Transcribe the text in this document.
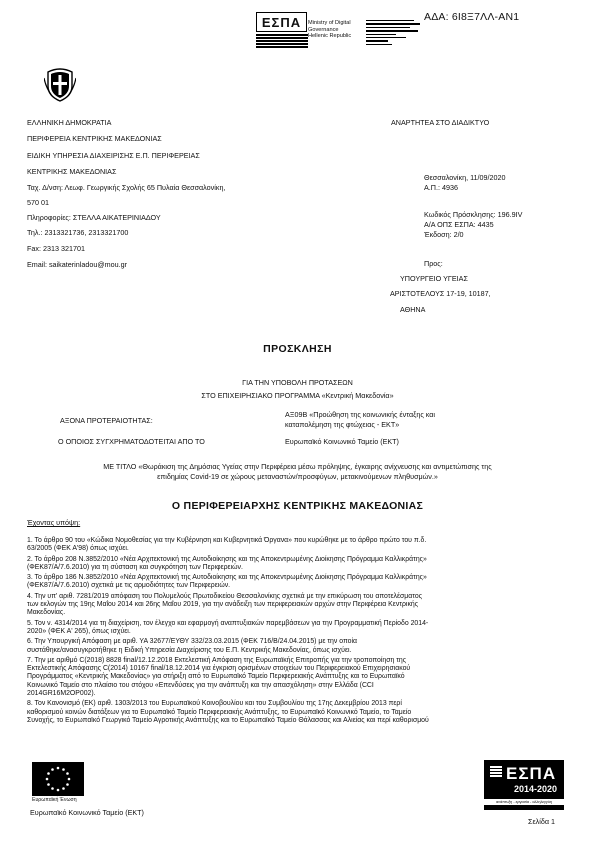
ΕΣΠΑ	Ministry of Digital
Governance
Hellenic Republic
ΑΔΑ: 6Ι8Ξ7ΛΛ-ΑΝ1
ΕΛΛΗΝΙΚΗ ΔΗΜΟΚΡΑΤΙΑ
ΠΕΡΙΦΕΡΕΙΑ ΚΕΝΤΡΙΚΗΣ ΜΑΚΕΔΟΝΙΑΣ
ΕΙΔΙΚΗ ΥΠΗΡΕΣΙΑ ΔΙΑΧΕΙΡΙΣΗΣ Ε.Π. ΠΕΡΙΦΕΡΕΙΑΣ
ΚΕΝΤΡΙΚΗΣ ΜΑΚΕΔΟΝΙΑΣ
Ταχ. Δ/νση: Λεωφ. Γεωργικής Σχολής 65 Πυλαία Θεσσαλονίκη,
570 01
Πληροφορίες: ΣΤΕΛΛΑ ΑΙΚΑΤΕΡΙΝΙΑΔΟΥ
Τηλ.: 2313321736, 2313321700
Fax: 2313 321701
Email: saikaterinladou@mou.gr
ΑΝΑΡΤΗΤΕΑ ΣΤΟ ΔΙΑΔΙΚΤΥΟ
Θεσσαλονίκη, 11/09/2020
Α.Π.: 4936
Κωδικός Πρόσκλησης: 196.9ΙV
Α/Α ΟΠΣ ΕΣΠΑ: 4435
Έκδοση: 2/0
Προς:
ΥΠΟΥΡΓΕΙΟ ΥΓΕΙΑΣ
ΑΡΙΣΤΟΤΕΛΟΥΣ 17-19, 10187,
ΑΘΗΝΑ
ΠΡΟΣΚΛΗΣΗ
ΓΙΑ ΤΗΝ ΥΠΟΒΟΛΗ ΠΡΟΤΑΣΕΩΝ
ΣΤΟ ΕΠΙΧΕΙΡΗΣΙΑΚΟ ΠΡΟΓΡΑΜΜΑ «Κεντρική Μακεδονία»
ΑΞΟΝΑ ΠΡΟΤΕΡΑΙΟΤΗΤΑΣ:
ΑΞ09Β «Προώθηση της κοινωνικής ένταξης και
καταπολέμηση της φτώχειας - ΕΚΤ»
Ο ΟΠΟΙΟΣ ΣΥΓΧΡΗΜΑΤΟΔΟΤΕΙΤΑΙ ΑΠΟ ΤΟ	Ευρωπαϊκό Κοινωνικό Ταμείο (ΕΚΤ)
ΜΕ ΤΙΤΛΟ «Θωράκιση της Δημόσιας Υγείας στην Περιφέρεια μέσω πρόληψης, έγκαιρης ανίχνευσης και αντιμετώπισης της
επιδημίας Covid-19 σε χώρους μεταναστών/προσφύγων, μετακινούμενων πληθυσμών.»
Ο ΠΕΡΙΦΕΡΕΙΑΡΧΗΣ ΚΕΝΤΡΙΚΗΣ ΜΑΚΕΔΟΝΙΑΣ
Έχοντας υπόψη:
1. Το άρθρο 90 του «Κώδικα Νομοθεσίας για την Κυβέρνηση και Κυβερνητικά Όργανα» που κυρώθηκε με το άρθρο πρώτο του π.δ.
63/2005 (ΦΕΚ Α'98) όπως ισχύει.
2. Το άρθρο 208 Ν.3852/2010 «Νέα Αρχιτεκτονική της Αυτοδιοίκησης και της Αποκεντρωμένης Διοίκησης Πρόγραμμα Καλλικράτης»
(ΦΕΚ87/Α/7.6.2010) για τη σύσταση και συγκρότηση των Περιφερειών.
3. Το άρθρο 186 Ν.3852/2010 «Νέα Αρχιτεκτονική της Αυτοδιοίκησης και της Αποκεντρωμένης Διοίκησης Πρόγραμμα Καλλικράτης»
(ΦΕΚ87/Α/7.6.2010) σχετικά με τις αρμοδιότητες των Περιφερειών.
4. Την υπ' αριθ. 7281/2019 απόφαση του Πολυμελούς Πρωτοδικείου Θεσσαλονίκης σχετικά με την επικύρωση του αποτελέσματος
των εκλογών της 19ης Μαΐου 2014 και 26ης Μαΐου 2019, για την ανάδειξη των περιφερειακών αρχών στην Περιφέρεια Κεντρικής
Μακεδονίας.
5. Τον ν. 4314/2014 για τη διαχείριση, τον έλεγχο και εφαρμογή αναπτυξιακών παρεμβάσεων για την Προγραμματική Περίοδο 2014-
2020» (ΦΕΚ Α' 265), όπως ισχύει.
6. Την Υπουργική Απόφαση με αριθ. ΥΑ 32677/ΕΥΘΥ 332/23.03.2015 (ΦΕΚ 716/Β/24.04.2015) με την οποία
συστάθηκε/ανασυγκροτήθηκε η Ειδική Υπηρεσία Διαχείρισης του Ε.Π. Κεντρικής Μακεδονίας, όπως ισχύει.
7. Την με αριθμό C(2018) 8828 final/12.12.2018 Εκτελεστική Απόφαση της Ευρωπαϊκής Επιτροπής για την τροποποίηση της
Εκτελεστικής Απόφασης C(2014) 10167 final/18.12.2014 για έγκριση ορισμένων στοιχείων του Περιφερειακού Επιχειρησιακού
Προγράμματος «Κεντρικής Μακεδονίας» για στήριξη από το Ευρωπαϊκό Ταμείο Περιφερειακής Ανάπτυξης και το Ευρωπαϊκό
Κοινωνικό Ταμείο στο πλαίσιο του στόχου «Επενδύσεις για την ανάπτυξη και την απασχόληση» στην Ελλάδα (CCI
2014GR16M2OP002).
8. Τον Κανονισμό (ΕΚ) αριθ. 1303/2013 του Ευρωπαϊκού Κοινοβουλίου και του Συμβουλίου της 17ης Δεκεμβρίου 2013 περί
καθορισμού κοινών διατάξεων για το Ευρωπαϊκό Ταμείο Περιφερειακής Ανάπτυξης, το Ευρωπαϊκό Κοινωνικό Ταμείο, το Ταμείο
Συνοχής, το Ευρωπαϊκό Γεωργικό Ταμείο Αγροτικής Ανάπτυξης και το Ευρωπαϊκό Ταμείο Θάλασσας και Αλιείας και περί καθορισμού
Ευρωπαϊκή Ένωση
Ευρωπαϊκό Κοινωνικό Ταμείο (ΕΚΤ)
ΕΣΠΑ
2014-2020
ανάπτυξη - εργασία - αλληλεγγύη
Σελίδα 1
